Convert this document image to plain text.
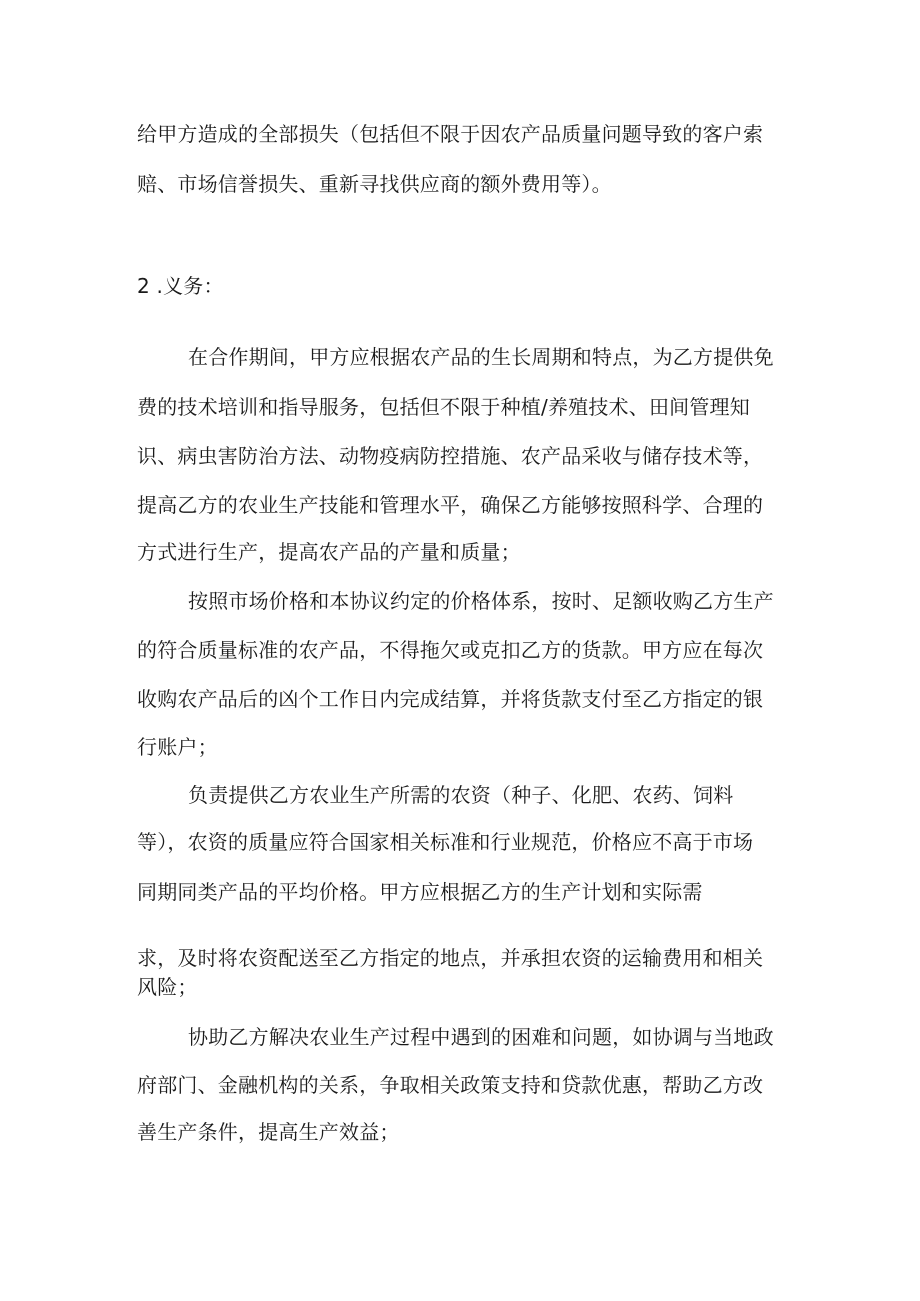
给甲方造成的全部损失（包括但不限于因农产品质量问题导致的客户索
赔、市场信誉损失、重新寻找供应商的额外费用等）。
2 .义务：
在合作期间，甲方应根据农产品的生长周期和特点，为乙方提供免
费的技术培训和指导服务，包括但不限于种植/养殖技术、田间管理知
识、病虫害防治方法、动物疫病防控措施、农产品采收与储存技术等，
提高乙方的农业生产技能和管理水平，确保乙方能够按照科学、合理的
方式进行生产，提高农产品的产量和质量；
按照市场价格和本协议约定的价格体系，按时、足额收购乙方生产
的符合质量标准的农产品，不得拖欠或克扣乙方的货款。甲方应在每次
收购农产品后的凶个工作日内完成结算，并将货款支付至乙方指定的银
行账户；
负责提供乙方农业生产所需的农资（种子、化肥、农药、饲料
等），农资的质量应符合国家相关标准和行业规范，价格应不高于市场
同期同类产品的平均价格。甲方应根据乙方的生产计划和实际需
求，及时将农资配送至乙方指定的地点，并承担农资的运输费用和相关
风险；
协助乙方解决农业生产过程中遇到的困难和问题，如协调与当地政
府部门、金融机构的关系，争取相关政策支持和贷款优惠，帮助乙方改
善生产条件，提高生产效益；
